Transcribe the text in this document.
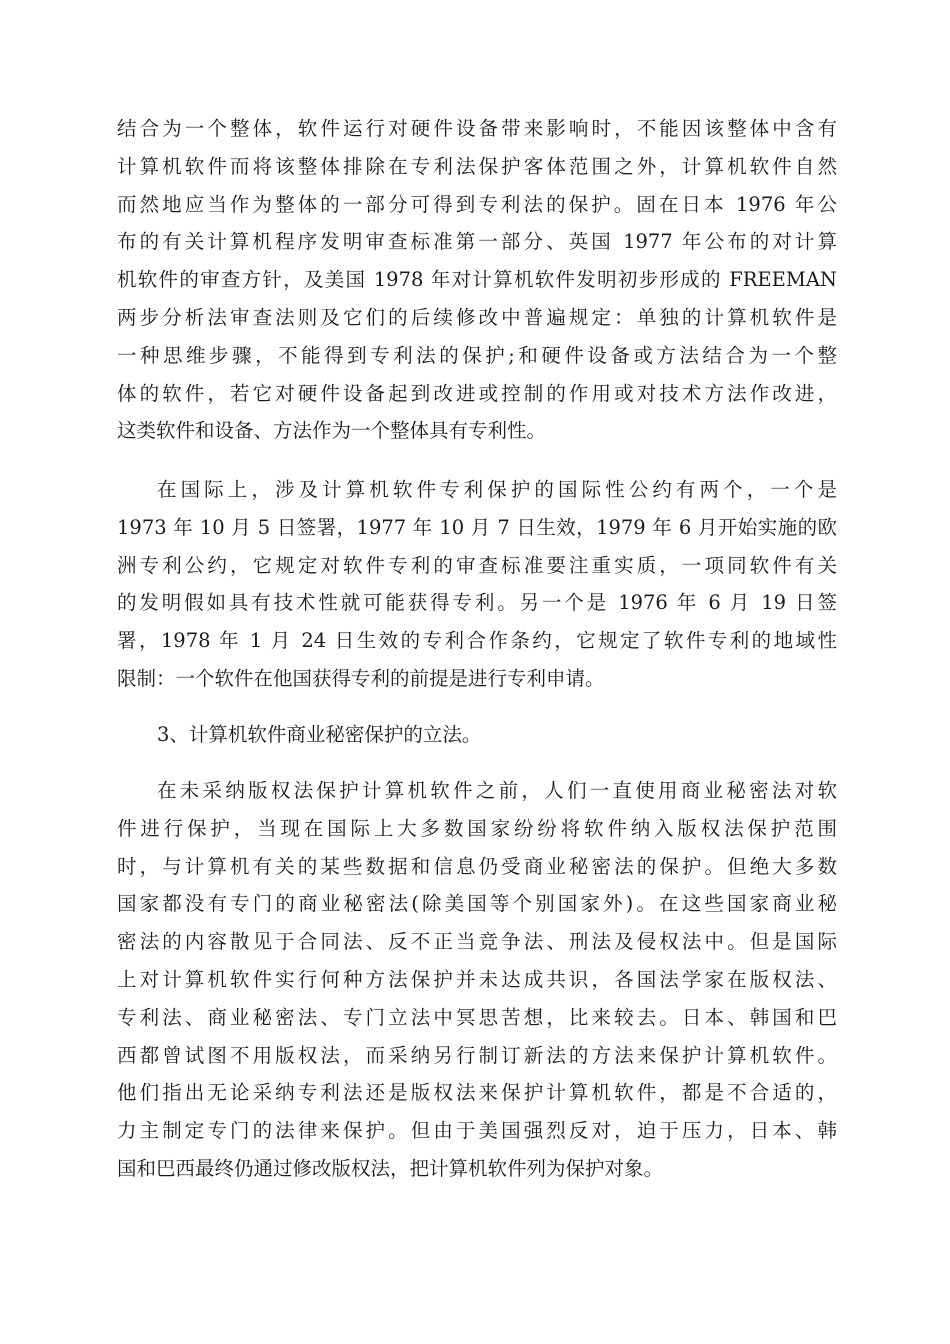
结合为一个整体，软件运行对硬件设备带来影响时，不能因该整体中含有
计算机软件而将该整体排除在专利法保护客体范围之外，计算机软件自然
而然地应当作为整体的一部分可得到专利法的保护。固在日本 1976 年公
布的有关计算机程序发明审查标准第一部分、英国 1977 年公布的对计算
机软件的审查方针，及美国 1978 年对计算机软件发明初步形成的 FREEMAN
两步分析法审查法则及它们的后续修改中普遍规定：单独的计算机软件是
一种思维步骤，不能得到专利法的保护;和硬件设备或方法结合为一个整
体的软件，若它对硬件设备起到改进或控制的作用或对技术方法作改进，
这类软件和设备、方法作为一个整体具有专利性。
在国际上，涉及计算机软件专利保护的国际性公约有两个，一个是
1973 年 10 月 5 日签署，1977 年 10 月 7 日生效，1979 年 6 月开始实施的欧
洲专利公约，它规定对软件专利的审查标准要注重实质，一项同软件有关
的发明假如具有技术性就可能获得专利。另一个是 1976 年 6 月 19 日签
署，1978 年 1 月 24 日生效的专利合作条约，它规定了软件专利的地域性
限制：一个软件在他国获得专利的前提是进行专利申请。
3、计算机软件商业秘密保护的立法。
在未采纳版权法保护计算机软件之前，人们一直使用商业秘密法对软
件进行保护，当现在国际上大多数国家纷纷将软件纳入版权法保护范围
时，与计算机有关的某些数据和信息仍受商业秘密法的保护。但绝大多数
国家都没有专门的商业秘密法(除美国等个别国家外)。在这些国家商业秘
密法的内容散见于合同法、反不正当竞争法、刑法及侵权法中。但是国际
上对计算机软件实行何种方法保护并未达成共识，各国法学家在版权法、
专利法、商业秘密法、专门立法中冥思苦想，比来较去。日本、韩国和巴
西都曾试图不用版权法，而采纳另行制订新法的方法来保护计算机软件。
他们指出无论采纳专利法还是版权法来保护计算机软件，都是不合适的，
力主制定专门的法律来保护。但由于美国强烈反对，迫于压力，日本、韩
国和巴西最终仍通过修改版权法，把计算机软件列为保护对象。
